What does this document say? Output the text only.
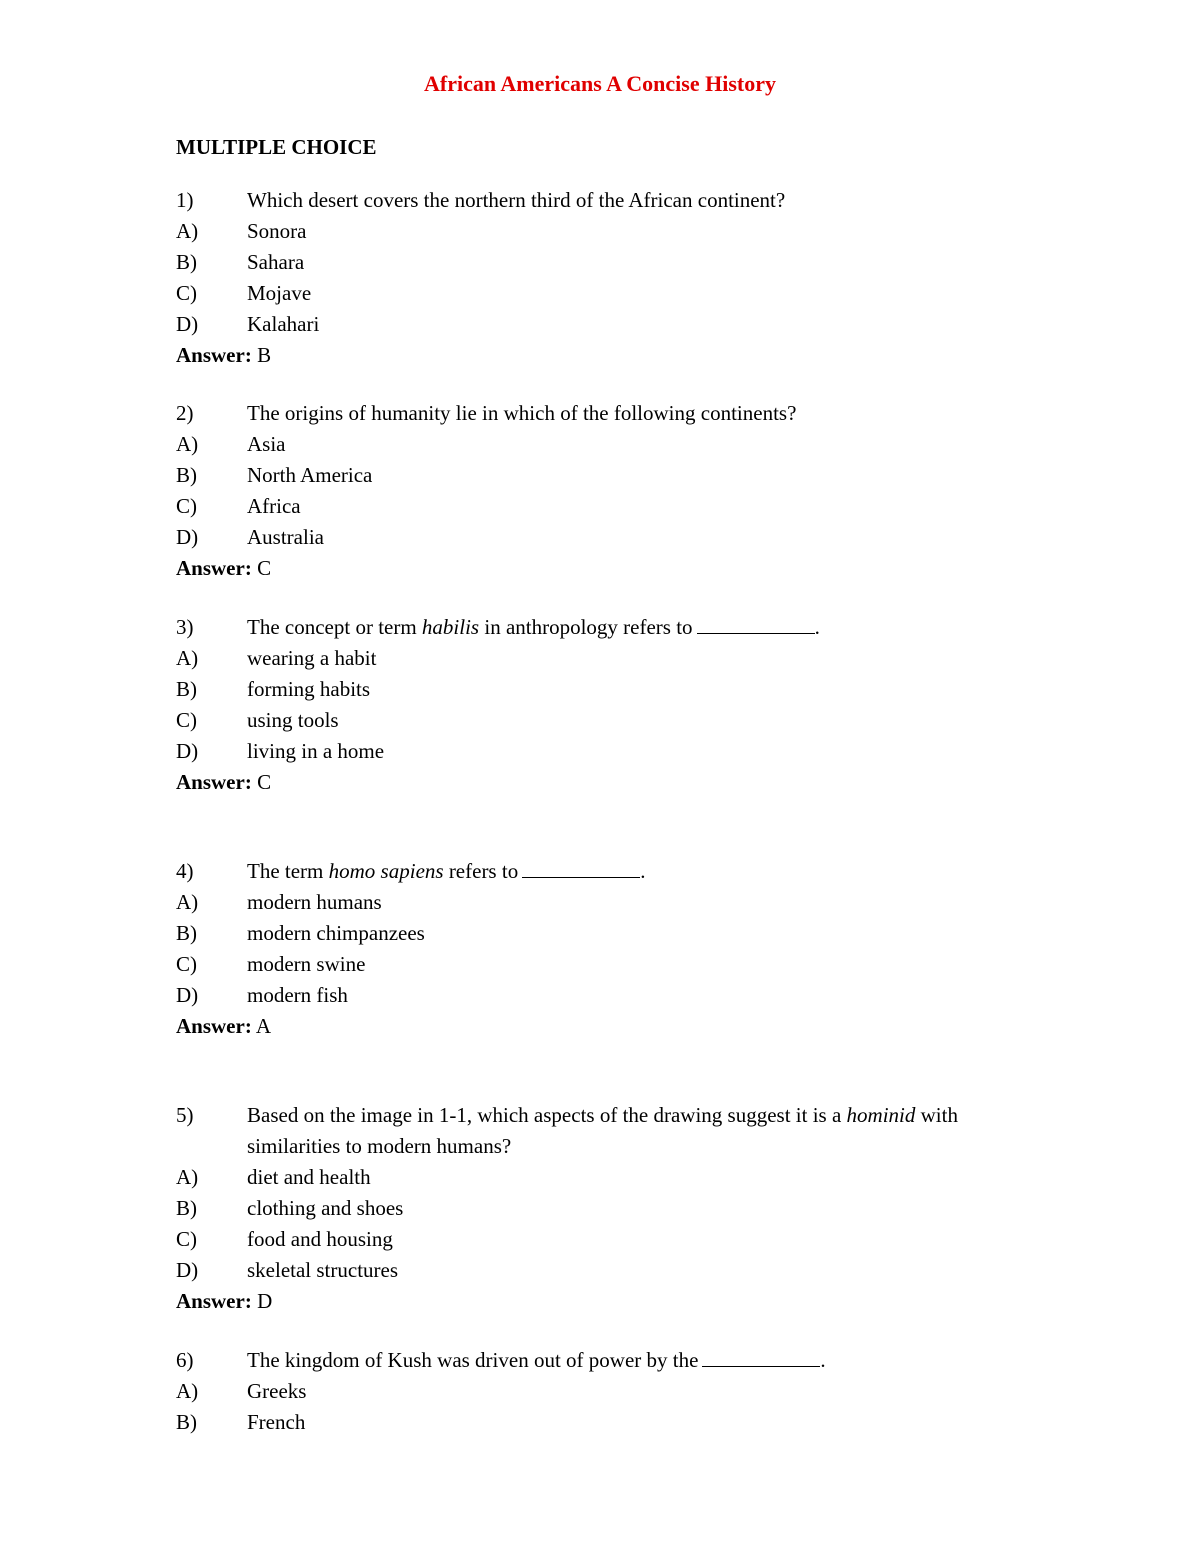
African Americans A Concise History
MULTIPLE CHOICE
1)	Which desert covers the northern third of the African continent?
A) Sonora
B) Sahara
C) Mojave
D) Kalahari
Answer: B
2)	The origins of humanity lie in which of the following continents?
A) Asia
B) North America
C) Africa
D) Australia
Answer: C
3)	The concept or term habilis in anthropology refers to	.
A) wearing a habit
B) forming habits
C) using tools
D) living in a home
Answer: C
4)	The term homo sapiens refers to	.
A) modern humans
B) modern chimpanzees
C) modern swine
D) modern fish
Answer: A
5)	Based on the image in 1-1, which aspects of the drawing suggest it is a hominid with similarities to modern humans?
A) diet and health
B) clothing and shoes
C) food and housing
D) skeletal structures
Answer: D
6)	The kingdom of Kush was driven out of power by the	.
A) Greeks
B) French
